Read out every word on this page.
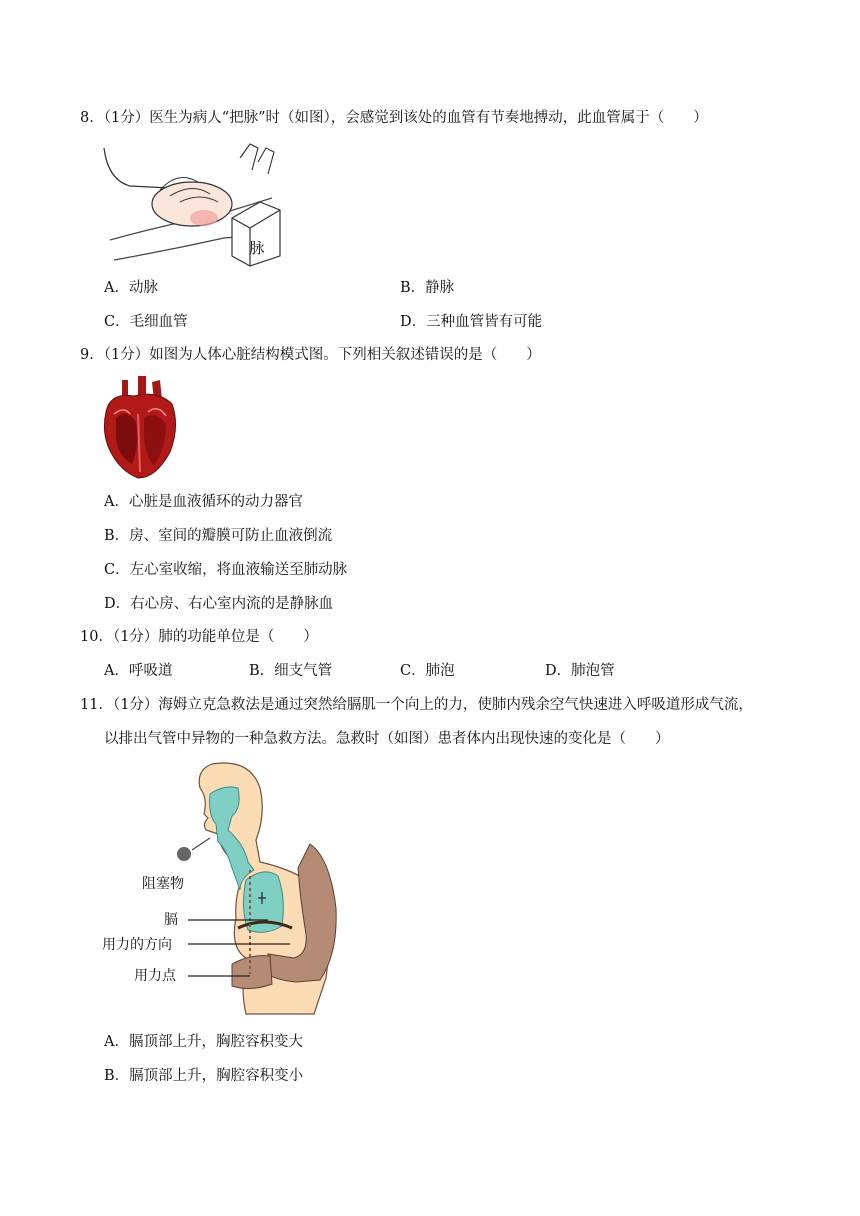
8．（1分）医生为病人“把脉”时（如图），会感觉到该处的血管有节奏地搏动，此血管属于（　　）
脉
A．动脉	B．静脉
C．毛细血管	D．三种血管皆有可能
9．（1分）如图为人体心脏结构模式图。下列相关叙述错误的是（　　）
A．心脏是血液循环的动力器官
B．房、室间的瓣膜可防止血液倒流
C．左心室收缩，将血液输送至肺动脉
D．右心房、右心室内流的是静脉血
10．（1分）肺的功能单位是（　　）
A．呼吸道	B．细支气管	C．肺泡	D．肺泡管
11．（1分）海姆立克急救法是通过突然给膈肌一个向上的力，使肺内残余空气快速进入呼吸道形成气流，
以排出气管中异物的一种急救方法。急救时（如图）患者体内出现快速的变化是（　　）
阻塞物
膈
用力的方向
用力点
A．膈顶部上升，胸腔容积变大
B．膈顶部上升，胸腔容积变小
